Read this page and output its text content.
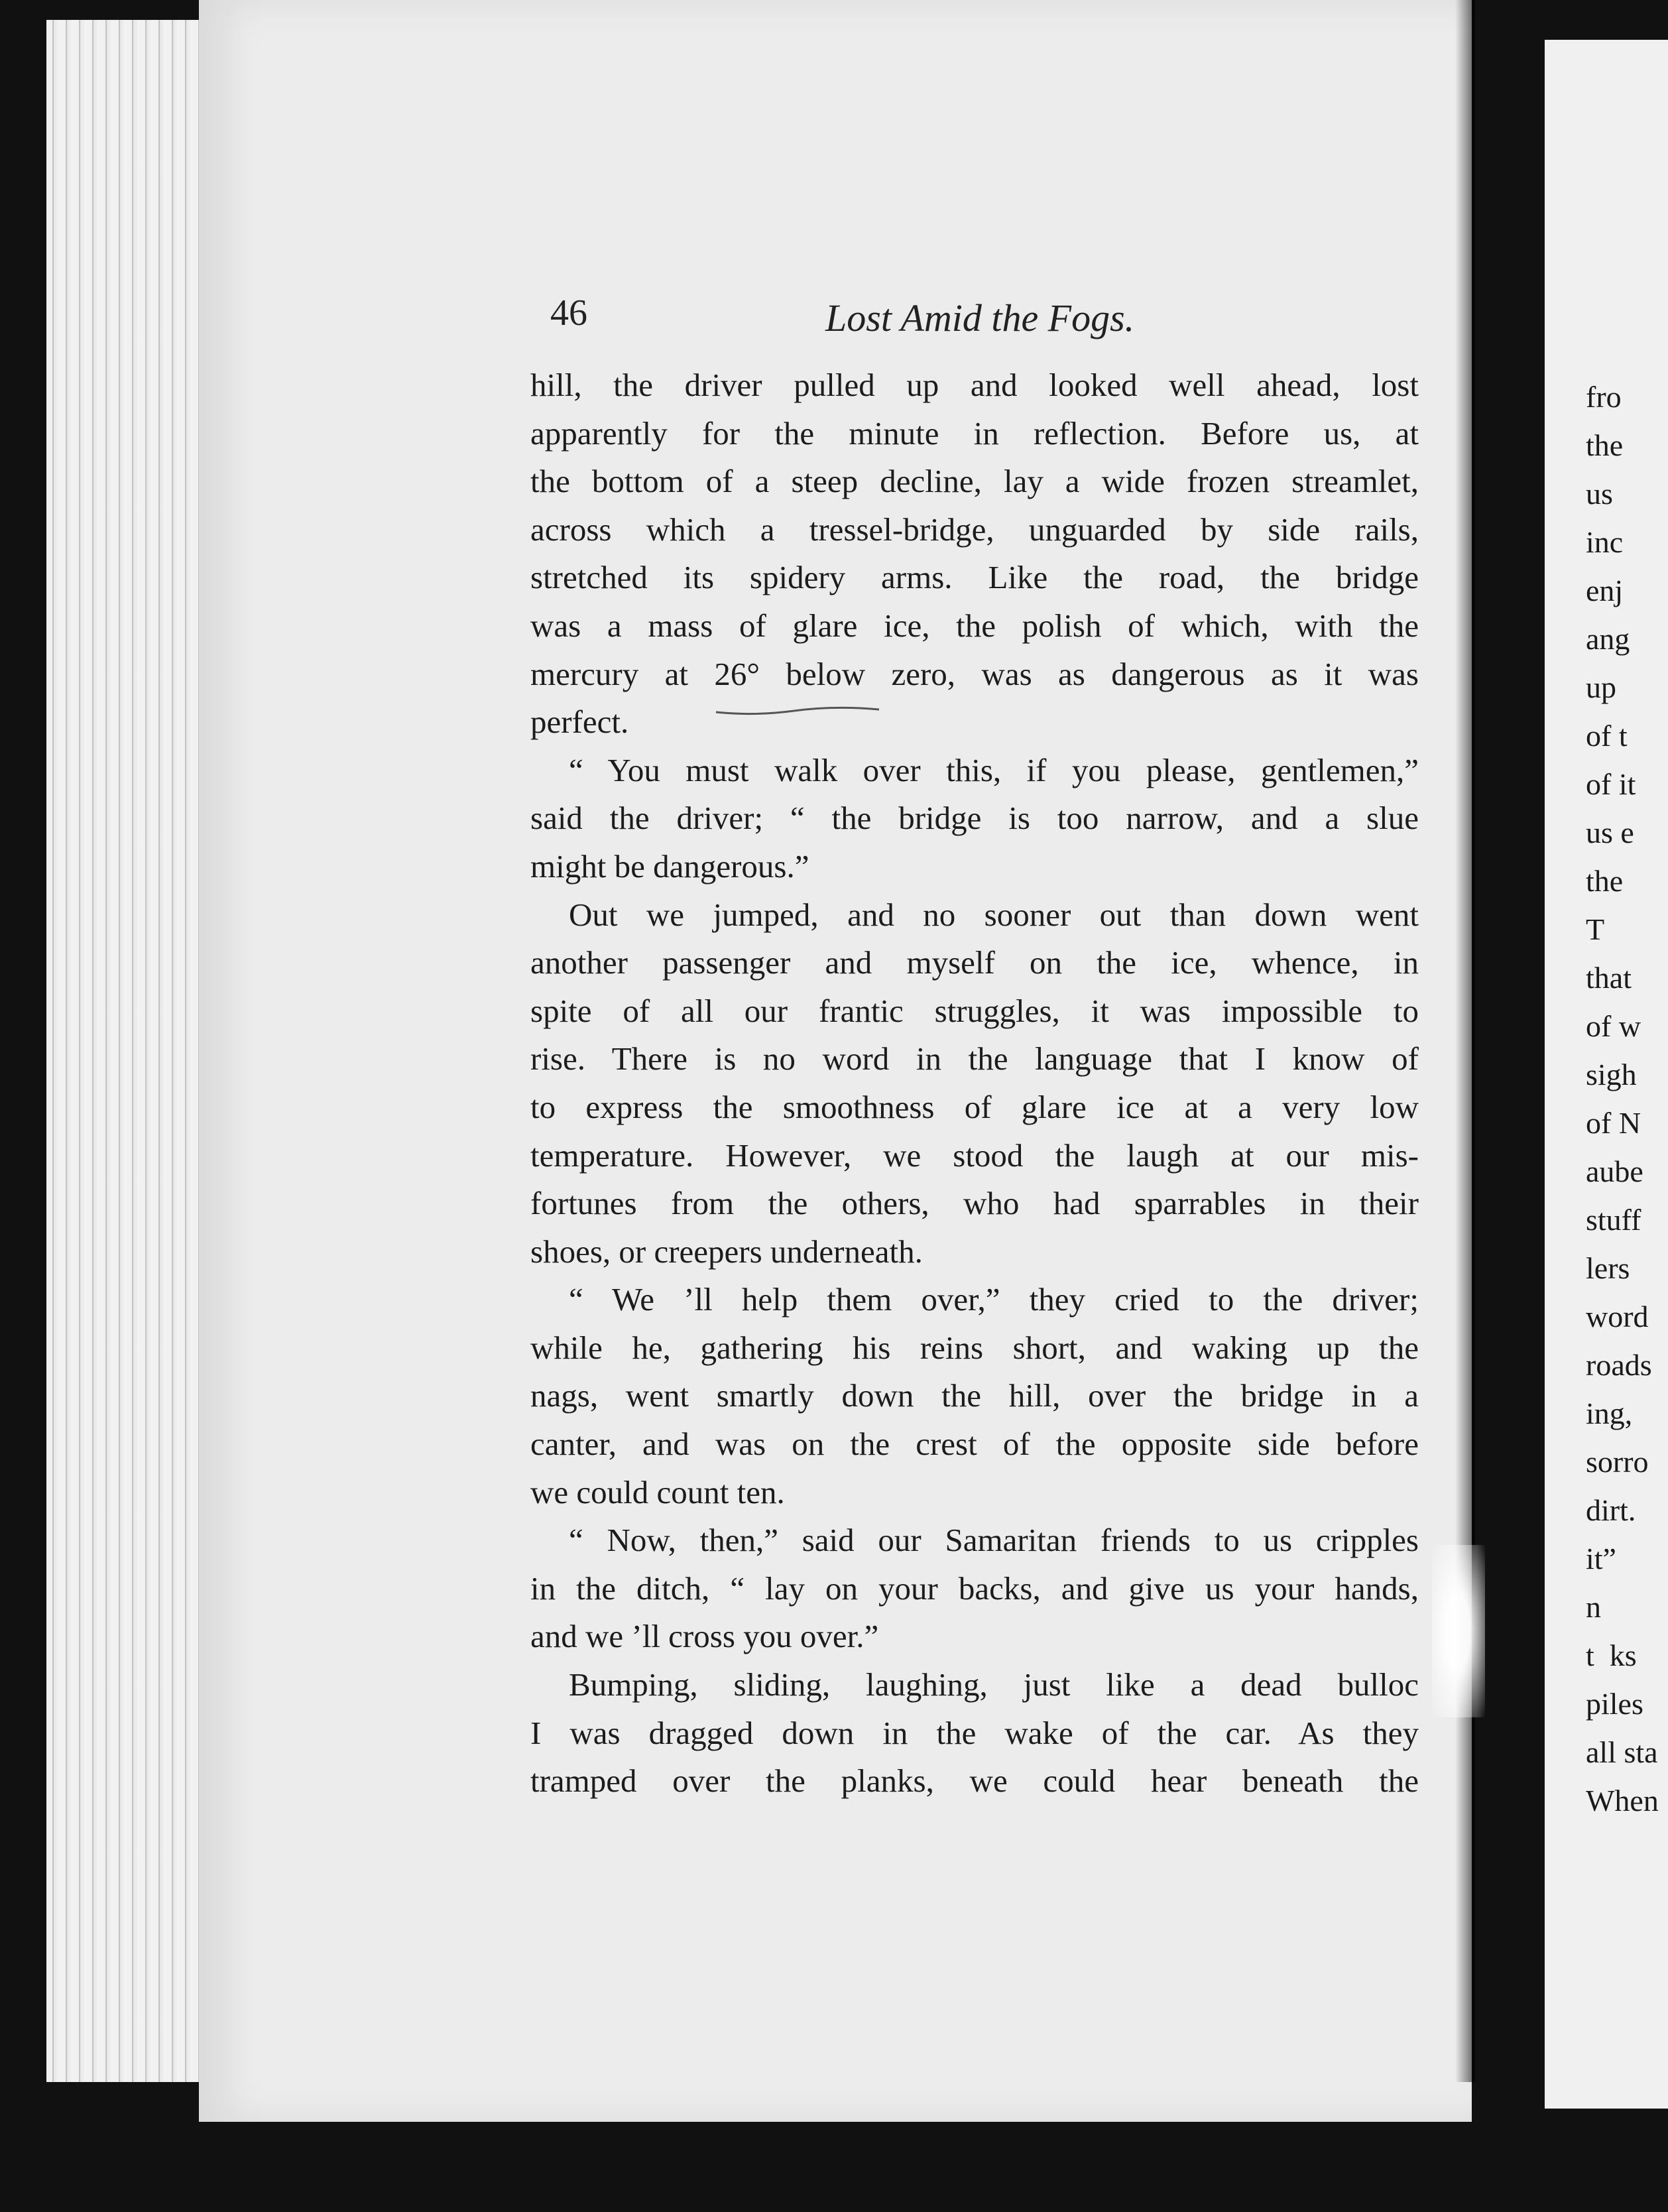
fro
the
us
inc
enj
ang
up
of t
of it
us e
the
T
that
of w
sigh
of N
aube
stuff
lers
word
roads
ing,
sorro
dirt.
it”
n
t  ks
piles
all sta
When
46	Lost Amid the Fogs.
hill, the driver pulled up and looked well ahead, lost
apparently for the minute in reflection. Before us, at
the bottom of a steep decline, lay a wide frozen streamlet,
across which a tressel-bridge, unguarded by side rails,
stretched its spidery arms. Like the road, the bridge
was a mass of glare ice, the polish of which, with the
mercury at 26° below zero, was as dangerous as it was
perfect.
“ You must walk over this, if you please, gentlemen,”
said the driver; “ the bridge is too narrow, and a slue
might be dangerous.”
Out we jumped, and no sooner out than down went
another passenger and myself on the ice, whence, in
spite of all our frantic struggles, it was impossible to
rise. There is no word in the language that I know of
to express the smoothness of glare ice at a very low
temperature. However, we stood the laugh at our mis-
fortunes from the others, who had sparrables in their
shoes, or creepers underneath.
“ We ’ll help them over,” they cried to the driver;
while he, gathering his reins short, and waking up the
nags, went smartly down the hill, over the bridge in a
canter, and was on the crest of the opposite side before
we could count ten.
“ Now, then,” said our Samaritan friends to us cripples
in the ditch, “ lay on your backs, and give us your hands,
and we ’ll cross you over.”
Bumping, sliding, laughing, just like a dead bulloc
I was dragged down in the wake of the car. As they
tramped over the planks, we could hear beneath the
